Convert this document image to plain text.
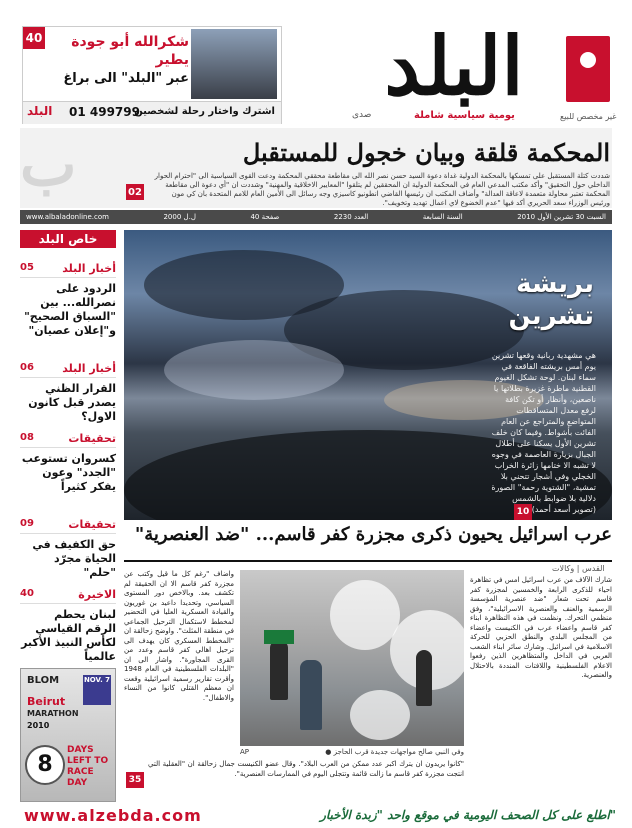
40	شكرالله أبو جودة يطير
عبر "البلد" الى براغ
اشترك واختار رحلة لشخصين
01 499799
البلد	البلد
يومية سياسية شاملة
صدى	غير مخصص للبيع
ب	المحكمة قلقة وبيان خجول للمستقبل
شددت كتلة المستقبل على تمسكها بالمحكمة الدولية غداة دعوة السيد حسن نصر الله الى مقاطعة محققي المحكمة ودعت القوى السياسية الى "احترام الحوار الداخلي حول التحقيق" وأكد مكتب المدعي العام في المحكمة الدولية ان المحققين لم يتلقوا "المعايير الاخلاقية والمهنية" وشددت ان "أي دعوة الى مقاطعة المحكمة تعتبر محاولة متعمدة لاعاقة العدالة" وأضاف المكتب ان رئيسها القاضي انطونيو كاسيزي وجه رسائل الى الأمين العام للامم المتحدة بان كي مون ورئيس الوزراء سعد الحريري أكد فيها "عدم الخضوع لاي اعمال تهديد وتخويف".
02
www.albaladonline.com	2000 ل.ل	40 صفحة	العدد 2230	السنة السابعة	السبت 30 تشرين الأول 2010
خاص البلد
أخبار البلد
05
الردود على نصرالله... بين "السباق الصحيح" و"إعلان عصيان"
أخبار البلد
06
القرار الظني يصدر قبل كانون الاول؟
تحقيقات
08
كسروان تستوعب "الجدد" وعون يفكر كثيراً
تحقيقات
09
حق الكفيف في الحياة مجرّد "حلم"
الاخيرة
40
لبنان يحطم الرقم القياسي لكأس النبيذ الأكبر عالمياً
BLOM
Beirut
MARATHON
2010
NOV. 7
8
DAYS LEFT TO RACE DAY
بريشة تشرين
هي مشهدية ربانية وقعها تشرين يوم أمس بريشته الفاقعة في سماء لبنان. لوحة تشكل الغيوم القطنية ماطرة غزيرة بطلاتها يا ناصعين، وأنظار أو تكن كافة لرفع معدل المتساقطات المتواضع والمتراجع عن العام الفائت بأشواط. وفيما كان خلف تشرين الأول يسكنا على أطلال الجبال بزيارة العاصمة في وجوه لا تشبه الا ختامها زائرة الخراب الخجلي وفي أشجار تتحني بلا تمشية، "الشتوية رحمة" الصورة دلالية بلا ضوابط بالشمس (تصوير أسعد أحمد)
10
عرب اسرائيل يحيون ذكرى مجزرة كفر قاسم... "ضد العنصرية"
القدس | وكالات
شارك الآلاف من عرب اسرائيل امس في تظاهرة احياء للذكرى الرابعة والخمسين لمجزرة كفر قاسم تحت شعار "ضد عنصرية المؤسسة الرسمية والعنف والعنصرية الاسرائيلية"، وفق منظمي التحرك. ونظمت في هذه التظاهرة ابناء كفر قاسم واعضاء عرب في الكنيست واعضاء من المجلس البلدي والنطق الحزبي للحركة الاسلامية في اسرائيل. وشارك سائر ابناء الشعب العربي في الداخل والمتظاهرين الذين رفعوا الاعلام الفلسطينية واللافتات المنددة بالاحتلال والعنصرية.
واضاف "رغم كل ما قيل وكتب عن مجزرة كفر قاسم الا ان الحقيقة لم تكشف بعد. وبالاخص دور المستوى السياسي، وتحديدا داعيد بن غوريون والقيادة العسكرية العليا في التحضير لمخطط لاستكمال الترحيل الجماعي في منطقة المثلث". واوضح زحالقة ان "المخطط العسكري كان يهدف الى ترحيل اهالي كفر قاسم وعدد من القرى المجاورة". واشار الى ان "البلدات الفلسطينية في العام 1948 وأقرت تقارير رسمية اسرائيلية وقعت ان معظم القتلى كانوا من النساء والاطفال".
"كانوا يريدون ان يترك اكبر عدد ممكن من العرب البلاد". وقال عضو الكنيست جمال زحالقة ان "العقلية التي انتجت مجزرة كفر قاسم ما زالت قائمة وتتجلى اليوم في الممارسات العنصرية".
● وفي النبي صالح مواجهات جديدة قرب الحاجز
AP
35
www.alzebda.com	اطلع على كل الصحف اليومية في موقع واحد "زبدة الأخبار"
